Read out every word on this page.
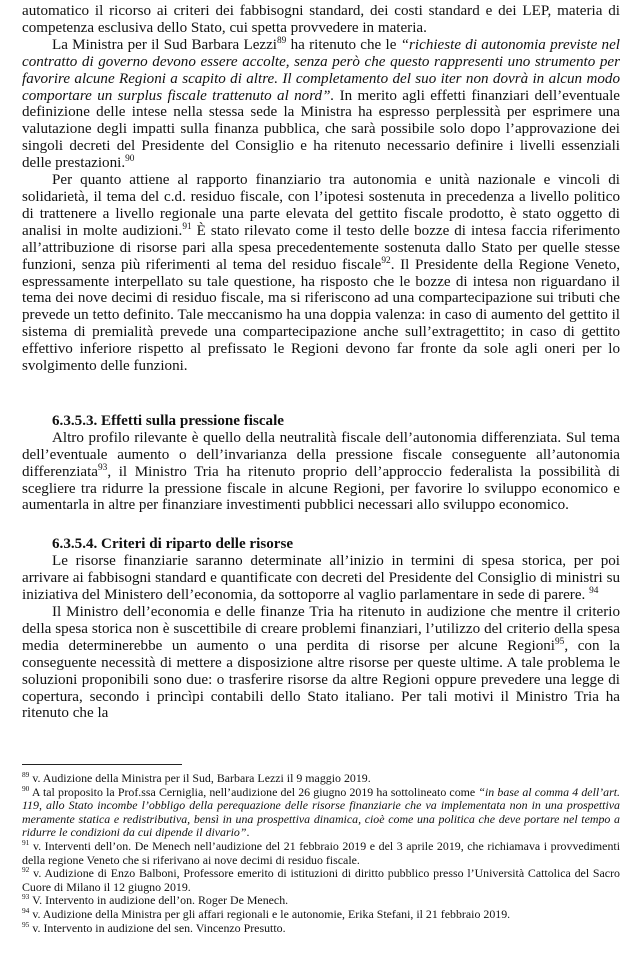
automatico il ricorso ai criteri dei fabbisogni standard, dei costi standard e dei LEP, materia di competenza esclusiva dello Stato, cui spetta provvedere in materia.

La Ministra per il Sud Barbara Lezzi$^{89}$ ha ritenuto che le “richieste di autonomia previste nel contratto di governo devono essere accolte, senza però che questo rappresenti uno strumento per favorire alcune Regioni a scapito di altre. Il completamento del suo iter non dovrà in alcun modo comportare un surplus fiscale trattenuto al nord”. In merito agli effetti finanziari dell’eventuale definizione delle intese nella stessa sede la Ministra ha espresso perplessità per esprimere una valutazione degli impatti sulla finanza pubblica, che sarà possibile solo dopo l’approvazione dei singoli decreti del Presidente del Consiglio e ha ritenuto necessario definire i livelli essenziali delle prestazioni.$^{90}$

Per quanto attiene al rapporto finanziario tra autonomia e unità nazionale e vincoli di solidarietà, il tema del c.d. residuo fiscale, con l’ipotesi sostenuta in precedenza a livello politico di trattenere a livello regionale una parte elevata del gettito fiscale prodotto, è stato oggetto di analisi in molte audizioni.$^{91}$ È stato rilevato come il testo delle bozze di intesa faccia riferimento all’attribuzione di risorse pari alla spesa precedentemente sostenuta dallo Stato per quelle stesse funzioni, senza più riferimenti al tema del residuo fiscale$^{92}$. Il Presidente della Regione Veneto, espressamente interpellato su tale questione, ha risposto che le bozze di intesa non riguardano il tema dei nove decimi di residuo fiscale, ma si riferiscono ad una compartecipazione sui tributi che prevede un tetto definito. Tale meccanismo ha una doppia valenza: in caso di aumento del gettito il sistema di premialità prevede una compartecipazione anche sull’extragettito; in caso di gettito effettivo inferiore rispetto al prefissato le Regioni devono far fronte da sole agli oneri per lo svolgimento delle funzioni.

6.3.5.3. Effetti sulla pressione fiscale

Altro profilo rilevante è quello della neutralità fiscale dell’autonomia differenziata. Sul tema dell’eventuale aumento o dell’invarianza della pressione fiscale conseguente all’autonomia differenziata$^{93}$, il Ministro Tria ha ritenuto proprio dell’approccio federalista la possibilità di scegliere tra ridurre la pressione fiscale in alcune Regioni, per favorire lo sviluppo economico e aumentarla in altre per finanziare investimenti pubblici necessari allo sviluppo economico.

6.3.5.4. Criteri di riparto delle risorse

Le risorse finanziarie saranno determinate all’inizio in termini di spesa storica, per poi arrivare ai fabbisogni standard e quantificate con decreti del Presidente del Consiglio di ministri su iniziativa del Ministero dell’economia, da sottoporre al vaglio parlamentare in sede di parere. $^{94}$

Il Ministro dell’economia e delle finanze Tria ha ritenuto in audizione che mentre il criterio della spesa storica non è suscettibile di creare problemi finanziari, l’utilizzo del criterio della spesa media determinerebbe un aumento o una perdita di risorse per alcune Regioni$^{95}$, con la conseguente necessità di mettere a disposizione altre risorse per queste ultime. A tale problema le soluzioni proponibili sono due: o trasferire risorse da altre Regioni oppure prevedere una legge di copertura, secondo i princìpi contabili dello Stato italiano. Per tali motivi il Ministro Tria ha ritenuto che la

$^{89}$ v. Audizione della Ministra per il Sud, Barbara Lezzi il 9 maggio 2019.

$^{90}$ A tal proposito la Prof.ssa Cerniglia, nell’audizione del 26 giugno 2019 ha sottolineato come “in base al comma 4 dell’art. 119, allo Stato incombe l’obbligo della perequazione delle risorse finanziarie che va implementata non in una prospettiva meramente statica e redistributiva, bensì in una prospettiva dinamica, cioè come una politica che deve portare nel tempo a ridurre le condizioni da cui dipende il divario”.

$^{91}$ v. Interventi dell’on. De Menech nell’audizione del 21 febbraio 2019 e del 3 aprile 2019, che richiamava i provvedimenti della regione Veneto che si riferivano ai nove decimi di residuo fiscale.

$^{92}$ v. Audizione di Enzo Balboni, Professore emerito di istituzioni di diritto pubblico presso l’Università Cattolica del Sacro Cuore di Milano il 12 giugno 2019.

$^{93}$ V. Intervento in audizione dell’on. Roger De Menech.

$^{94}$ v. Audizione della Ministra per gli affari regionali e le autonomie, Erika Stefani, il 21 febbraio 2019.

$^{95}$ v. Intervento in audizione del sen. Vincenzo Presutto.
